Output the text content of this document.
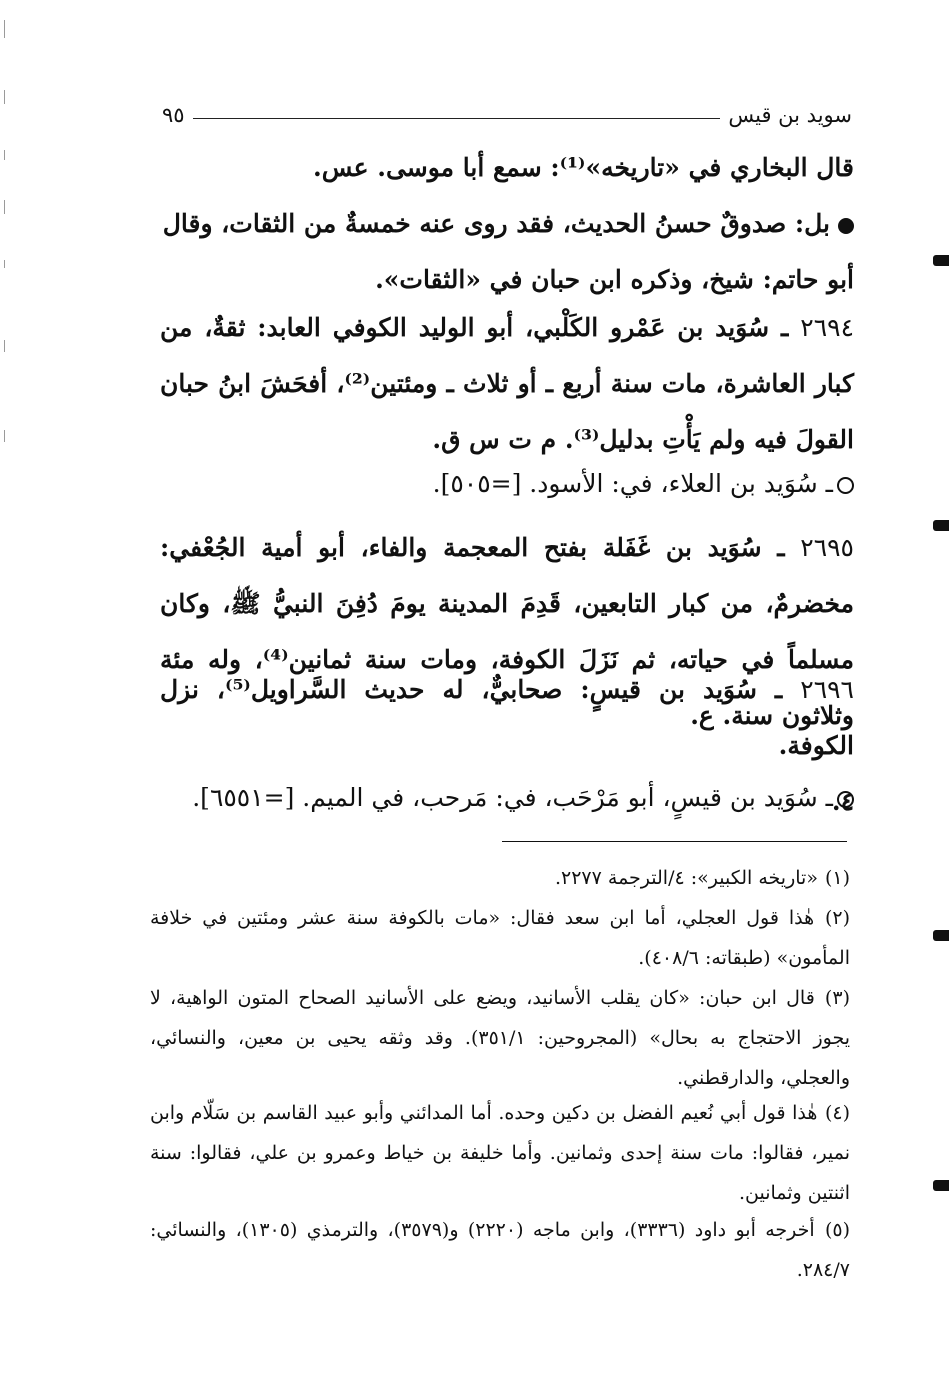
سويد بن قيس
٩٥
قال البخاري في «تاريخه»⁽¹⁾: سمع أبا موسى. عس.
بل: صدوقٌ حسنُ الحديث، فقد روى عنه خمسةٌ من الثقات، وقال
أبو حاتم: شيخ، وذكره ابن حبان في «الثقات».
٢٦٩٤ ـ سُوَيد بن عَمْرو الكَلْبي، أبو الوليد الكوفي العابد: ثقةٌ، من كبار العاشرة، مات سنة أربع ـ أو ثلاث ـ ومئتين⁽²⁾، أفحَشَ ابنُ حبان القولَ فيه ولم يَأْتِ بدليل⁽³⁾. م ت س ق.
ـ سُوَيد بن العلاء، في: الأسود. [=٥٠٥].
٢٦٩٥ ـ سُوَيد بن غَفَلة بفتح المعجمة والفاء، أبو أمية الجُعْفي: مخضرمٌ، من كبار التابعين، قَدِمَ المدينة يومَ دُفِنَ النبيُّ ﷺ، وكان مسلماً في حياته، ثم نَزَلَ الكوفة، ومات سنة ثمانين⁽⁴⁾، وله مئة وثلاثون سنة. ع.
٢٦٩٦ ـ سُوَيد بن قيسٍ: صحابيٌّ، له حديث السَّراويل⁽⁵⁾، نزل الكوفة.
٤.
ـ سُوَيد بن قيسٍ، أبو مَرْحَب، في: مَرحب، في الميم. [=٦٥٥١].
(١) «تاريخه الكبير»: ٤/الترجمة ٢٢٧٧.
(٢) هٰذا قول العجلي، أما ابن سعد فقال: «مات بالكوفة سنة عشر ومئتين في خلافة المأمون» (طبقاته: ٤٠٨/٦).
(٣) قال ابن حبان: «كان يقلب الأسانيد، ويضع على الأسانيد الصحاح المتون الواهية، لا يجوز الاحتجاج به بحال» (المجروحين: ٣٥١/١). وقد وثقه يحيى بن معين، والنسائي، والعجلي، والدارقطني.
(٤) هٰذا قول أبي نُعيم الفضل بن دكين وحده. أما المدائني وأبو عبيد القاسم بن سَلّام وابن نمير، فقالوا: مات سنة إحدى وثمانين. وأما خليفة بن خياط وعمرو بن علي، فقالوا: سنة اثنتين وثمانين.
(٥) أخرجه أبو داود (٣٣٣٦)، وابن ماجه (٢٢٢٠) و(٣٥٧٩)، والترمذي (١٣٠٥)، والنسائي: ٢٨٤/٧.
